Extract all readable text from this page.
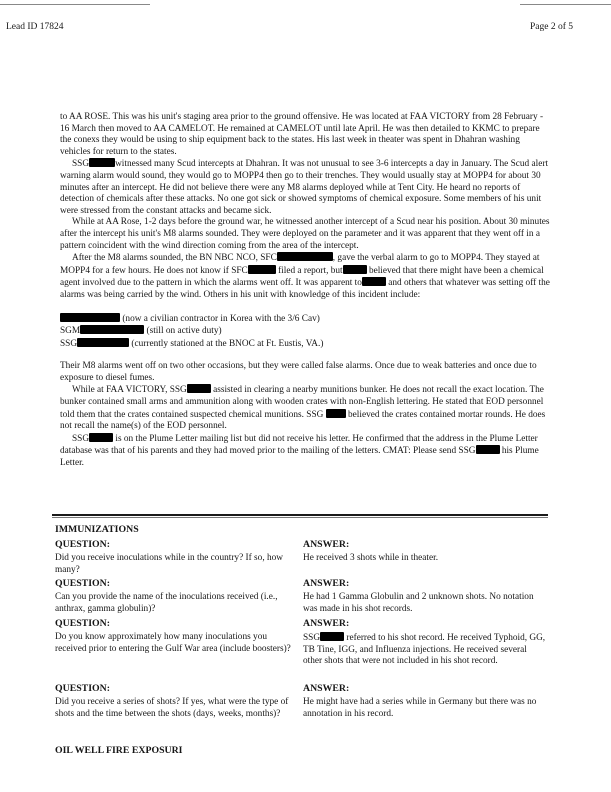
Lead ID 17824	Page 2 of 5

to AA ROSE. This was his unit's staging area prior to the ground offensive. He was located at FAA VICTORY from 28 February - 16 March then moved to AA CAMELOT. He remained at CAMELOT until late April. He was then detailed to KKMC to prepare the conexs they would be using to ship equipment back to the states. His last week in theater was spent in Dhahran washing vehicles for return to the states.

SSG	witnessed many Scud intercepts at Dhahran. It was not unusual to see 3-6 intercepts a day in January. The Scud alert warning alarm would sound, they would go to MOPP4 then go to their trenches. They would usually stay at MOPP4 for about 30 minutes after an intercept. He did not believe there were any M8 alarms deployed while at Tent City. He heard no reports of detection of chemicals after these attacks. No one got sick or showed symptoms of chemical exposure. Some members of his unit were stressed from the constant attacks and became sick.

While at AA Rose, 1-2 days before the ground war, he witnessed another intercept of a Scud near his position. About 30 minutes after the intercept his unit's M8 alarms sounded. They were deployed on the parameter and it was apparent that they went off in a pattern coincident with the wind direction coming from the area of the intercept.

After the M8 alarms sounded, the BN NBC NCO, SFC	, gave the verbal alarm to go to MOPP4. They stayed at MOPP4 for a few hours. He does not know if SFC	filed a report, but	believed that there might have been a chemical agent involved due to the pattern in which the alarms went off. It was apparent to	and others that whatever was setting off the alarms was being carried by the wind. Others in his unit with knowledge of this incident include:

(now a civilian contractor in Korea with the 3/6 Cav)

SGM	(still on active duty)

SSG	(currently stationed at the BNOC at Ft. Eustis, VA.)

Their M8 alarms went off on two other occasions, but they were called false alarms. Once due to weak batteries and once due to exposure to diesel fumes.

While at FAA VICTORY, SSG	assisted in clearing a nearby munitions bunker. He does not recall the exact location. The bunker contained small arms and ammunition along with wooden crates with non-English lettering. He stated that EOD personnel told them that the crates contained suspected chemical munitions. SSG  believed the crates contained mortar rounds. He does not recall the name(s) of the EOD personnel.

SSG	is on the Plume Letter mailing list but did not receive his letter. He confirmed that the address in the Plume Letter database was that of his parents and they had moved prior to the mailing of the letters. CMAT: Please send SSG	his Plume Letter.

IMMUNIZATIONS
QUESTION:
Did you receive inoculations while in the country? If so, how many?
ANSWER:
He received 3 shots while in theater.
QUESTION:
Can you provide the name of the inoculations received (i.e., anthrax, gamma globulin)?
ANSWER:
He had 1 Gamma Globulin and 2 unknown shots. No notation was made in his shot records.
QUESTION:
Do you know approximately how many inoculations you received prior to entering the Gulf War area (include boosters)?
ANSWER:
SSG	referred to his shot record. He received Typhoid, GG, TB Tine, IGG, and Influenza injections. He received several other shots that were not included in his shot record.
QUESTION:
Did you receive a series of shots? If yes, what were the type of shots and the time between the shots (days, weeks, months)?
ANSWER:
He might have had a series while in Germany but there was no annotation in his record.
OIL WELL FIRE EXPOSURI
